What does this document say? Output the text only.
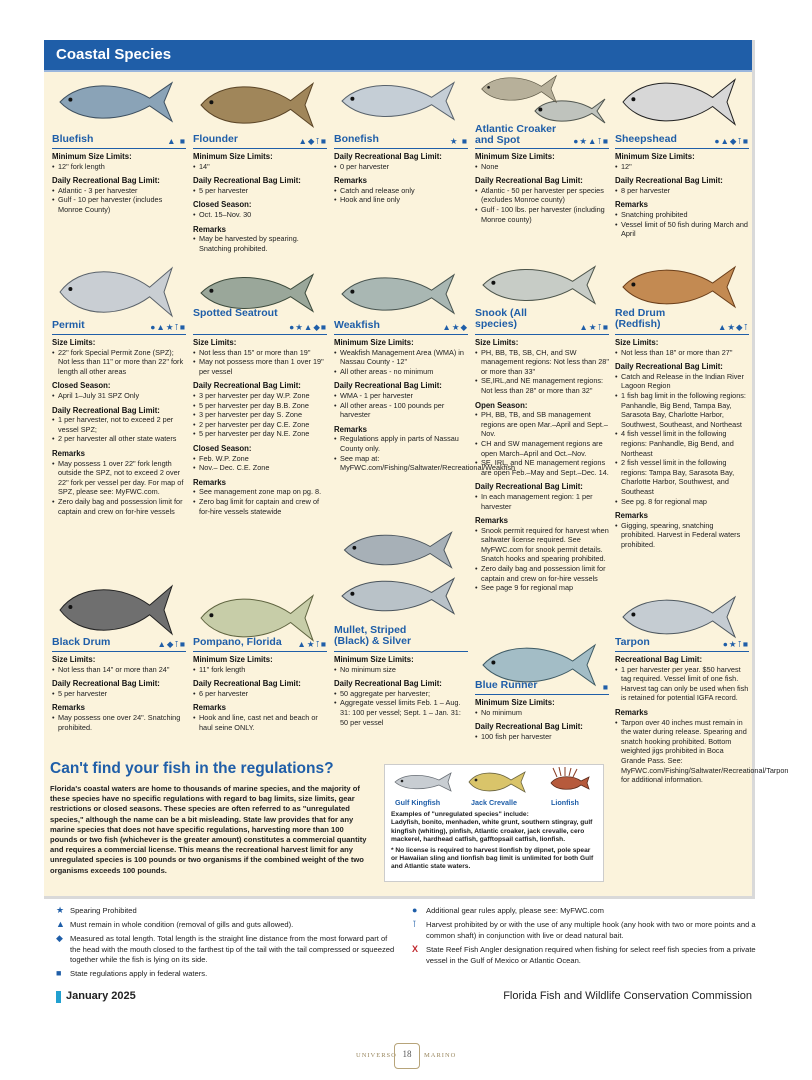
Coastal Species
Bluefish	▲ ■
Minimum Size Limits:
• 12" fork length
Daily Recreational Bag Limit:
• Atlantic - 3 per harvester
• Gulf - 10 per harvester (includes Monroe County)
Flounder	▲◆⊺■
Minimum Size Limits:
• 14"
Daily Recreational Bag Limit:
• 5 per harvester
Closed Season:
• Oct. 15–Nov. 30
Remarks
• May be harvested by spearing. Snatching prohibited.
Bonefish	★ ■
Daily Recreational Bag Limit:
• 0 per harvester
Remarks
• Catch and release only
• Hook and line only
Atlantic Croaker and Spot	●★▲⊺■
Minimum Size Limits:
• None
Daily Recreational Bag Limit:
• Atlantic - 50 per harvester per species (excludes Monroe county)
• Gulf - 100 lbs. per harvester (including Monroe county)
Sheepshead	●▲◆⊺■
Minimum Size Limits:
• 12"
Daily Recreational Bag Limit:
• 8 per harvester
Remarks
• Snatching prohibited
• Vessel limit of 50 fish during March and April
Permit	●▲★⊺■
Size Limits:
• 22" fork Special Permit Zone (SPZ); Not less than 11" or more than 22" fork length all other areas
Closed Season:
• April 1–July 31 SPZ Only
Daily Recreational Bag Limit:
• 1 per harvester, not to exceed 2 per vessel SPZ;
• 2 per harvester all other state waters
Remarks
• May possess 1 over 22" fork length outside the SPZ, not to exceed 2 over 22" fork per vessel per day. For map of SPZ, please see: MyFWC.com.
• Zero daily bag and possession limit for captain and crew on for-hire vessels
Spotted Seatrout
●★▲◆■
Size Limits:
• Not less than 15" or more than 19"
• May not possess more than 1 over 19" per vessel
Daily Recreational Bag Limit:
• 3 per harvester per day W.P. Zone
• 5 per harvester per day B.B. Zone
• 3 per harvester per day S. Zone
• 2 per harvester per day C.E. Zone
• 5 per harvester per day N.E. Zone
Closed Season:
• Feb. W.P. Zone
• Nov.– Dec. C.E. Zone
Remarks
• See management zone map on pg. 8.
• Zero bag limit for captain and crew of for-hire vessels statewide
Weakfish	▲★◆
Minimum Size Limits:
• Weakfish Management Area (WMA) in Nassau County - 12"
• All other areas - no minimum
Daily Recreational Bag Limit:
• WMA - 1 per harvester
• All other areas - 100 pounds per harvester
Remarks
• Regulations apply in parts of Nassau County only.
• See map at: MyFWC.com/Fishing/Saltwater/Recreational/Weakfish
Snook (All species)	▲★⊺■
Size Limits:
• PH, BB, TB, SB, CH, and SW management regions: Not less than 28" or more than 33"
• SE,IRL,and NE management regions: Not less than 28" or more than 32"
Open Season:
• PH, BB, TB, and SB management regions are open Mar.–April and Sept.–Nov.
• CH and SW management regions are open March–April and Oct.–Nov.
• SE, IRL, and NE management regions are open Feb.–May and Sept.–Dec. 14.
Daily Recreational Bag Limit:
• In each management region: 1 per harvester
Remarks
• Snook permit required for harvest when saltwater license required. See MyFWC.com for snook permit details. Snatch hooks and spearing prohibited.
• Zero daily bag and possession limit for captain and crew on for-hire vessels
• See page 9 for regional map
Red Drum (Redfish)	▲★◆⊺
Size Limits:
• Not less than 18" or more than 27"
Daily Recreational Bag Limit:
• Catch and Release in the Indian River Lagoon Region
• 1 fish bag limit in the following regions: Panhandle, Big Bend, Tampa Bay, Sarasota Bay, Charlotte Harbor, Southwest, Southeast, and Northeast
• 4 fish vessel limit in the following regions: Panhandle, Big Bend, and Northeast
• 2 fish vessel limit in the following regions: Tampa Bay, Sarasota Bay, Charlotte Harbor, Southwest, and Southeast
• See pg. 8 for regional map
Remarks
• Gigging, spearing, snatching prohibited. Harvest in Federal waters prohibited.
Black Drum	▲◆⊺■
Size Limits:
• Not less than 14" or more than 24"
Daily Recreational Bag Limit:
• 5 per harvester
Remarks
• May possess one over 24". Snatching prohibited.
Pompano, Florida	▲★⊺■
Minimum Size Limits:
• 11" fork length
Daily Recreational Bag Limit:
• 6 per harvester
Remarks
• Hook and line, cast net and beach or haul seine ONLY.
Mullet, Striped (Black) & Silver
Minimum Size Limits:
• No minimum size
Daily Recreational Bag Limit:
• 50 aggregate per harvester;
• Aggregate vessel limits Feb. 1 – Aug. 31: 100 per vessel; Sept. 1 – Jan. 31: 50 per vessel
Blue Runner	■
Minimum Size Limits:
• No minimum
Daily Recreational Bag Limit:
• 100 fish per harvester
Tarpon	●★⊺■
Recreational Bag Limit:
• 1 per harvester per year. $50 harvest tag required. Vessel limit of one fish. Harvest tag can only be used when fish is retained for potential IGFA record.
Remarks
• Tarpon over 40 inches must remain in the water during release. Spearing and snatch hooking prohibited. Bottom weighted jigs prohibited in Boca Grande Pass. See: MyFWC.com/Fishing/Saltwater/Recreational/Tarpon for additional information.
Can't find your fish in the regulations?

Florida's coastal waters are home to thousands of marine species, and the majority of these species have no specific regulations with regard to bag limits, size limits, gear restrictions or closed seasons. These species are often referred to as "unregulated species," although the name can be a bit misleading. State law provides that for any marine species that does not have specific regulations, harvesting more than 100 pounds or two fish (whichever is the greater amount) constitutes a commercial quantity and requires a commercial license. This means the recreational harvest limit for any unregulated species is 100 pounds or two organisms if the combined weight of the two organisms exceeds 100 pounds.

Gulf Kingfish	Jack Crevalle	Lionfish
Examples of "unregulated species" include:
Ladyfish, bonito, menhaden, white grunt, southern stingray, gulf kingfish (whiting), pinfish, Atlantic croaker, jack crevalle, cero mackerel, hardhead catfish, gafftopsail catfish, lionfish.
* No license is required to harvest lionfish by dipnet, pole spear or Hawaiian sling and lionfish bag limit is unlimited for both Gulf and Atlantic state waters.
★ Spearing Prohibited
▲ Must remain in whole condition (removal of gills and guts allowed).
◆ Measured as total length. Total length is the straight line distance from the most forward part of the head with the mouth closed to the farthest tip of the tail with the tail compressed or squeezed together while the fish is lying on its side.
■ State regulations apply in federal waters.
● Additional gear rules apply, please see: MyFWC.com
⊺ Harvest prohibited by or with the use of any multiple hook (any hook with two or more points and a common shaft) in conjunction with live or dead natural bait.
X State Reef Fish Angler designation required when fishing for select reef fish species from a private vessel in the Gulf of Mexico or Atlantic Ocean.
January 2025	Florida Fish and Wildlife Conservation Commission
UNIVERSO 18	MARINO
